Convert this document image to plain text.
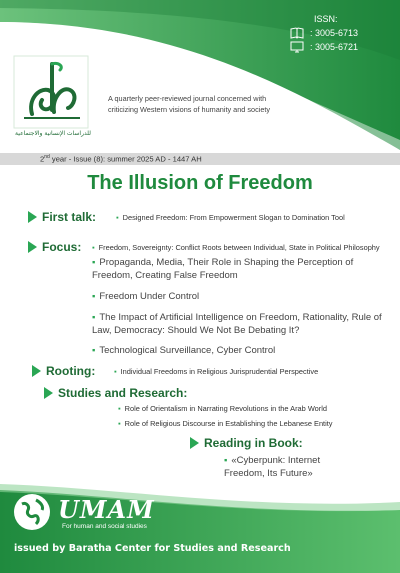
للدراسات الإنسانية والاجتماعية
ISSN:
: 3005-6713
: 3005-6721
A quarterly peer-reviewed journal concerned with criticizing Western visions of humanity and society
2nd year - Issue (8): summer 2025 AD - 1447 AH
The Illusion of Freedom
First talk:	▪ Designed Freedom: From Empowerment Slogan to Domination Tool
Focus: ▪ Freedom, Sovereignty: Conflict Roots between Individual, State in Political Philosophy
▪ Propaganda, Media, Their Role in Shaping the Perception of Freedom, Creating False Freedom
▪ Freedom Under Control
▪ The Impact of Artificial Intelligence on Freedom, Rationality, Rule of Law, Democracy: Should We Not Be Debating It?
▪ Technological Surveillance, Cyber Control
Rooting:	▪ Individual Freedoms in Religious Jurisprudential Perspective
Studies and Research:
▪ Role of Orientalism in Narrating Revolutions in the Arab World
▪ Role of Religious Discourse in Establishing the Lebanese Entity
Reading in Book:
▪ «Cyberpunk: Internet Freedom, Its Future»
UMAM
For human and social studies
issued by Baratha Center for Studies and Research
